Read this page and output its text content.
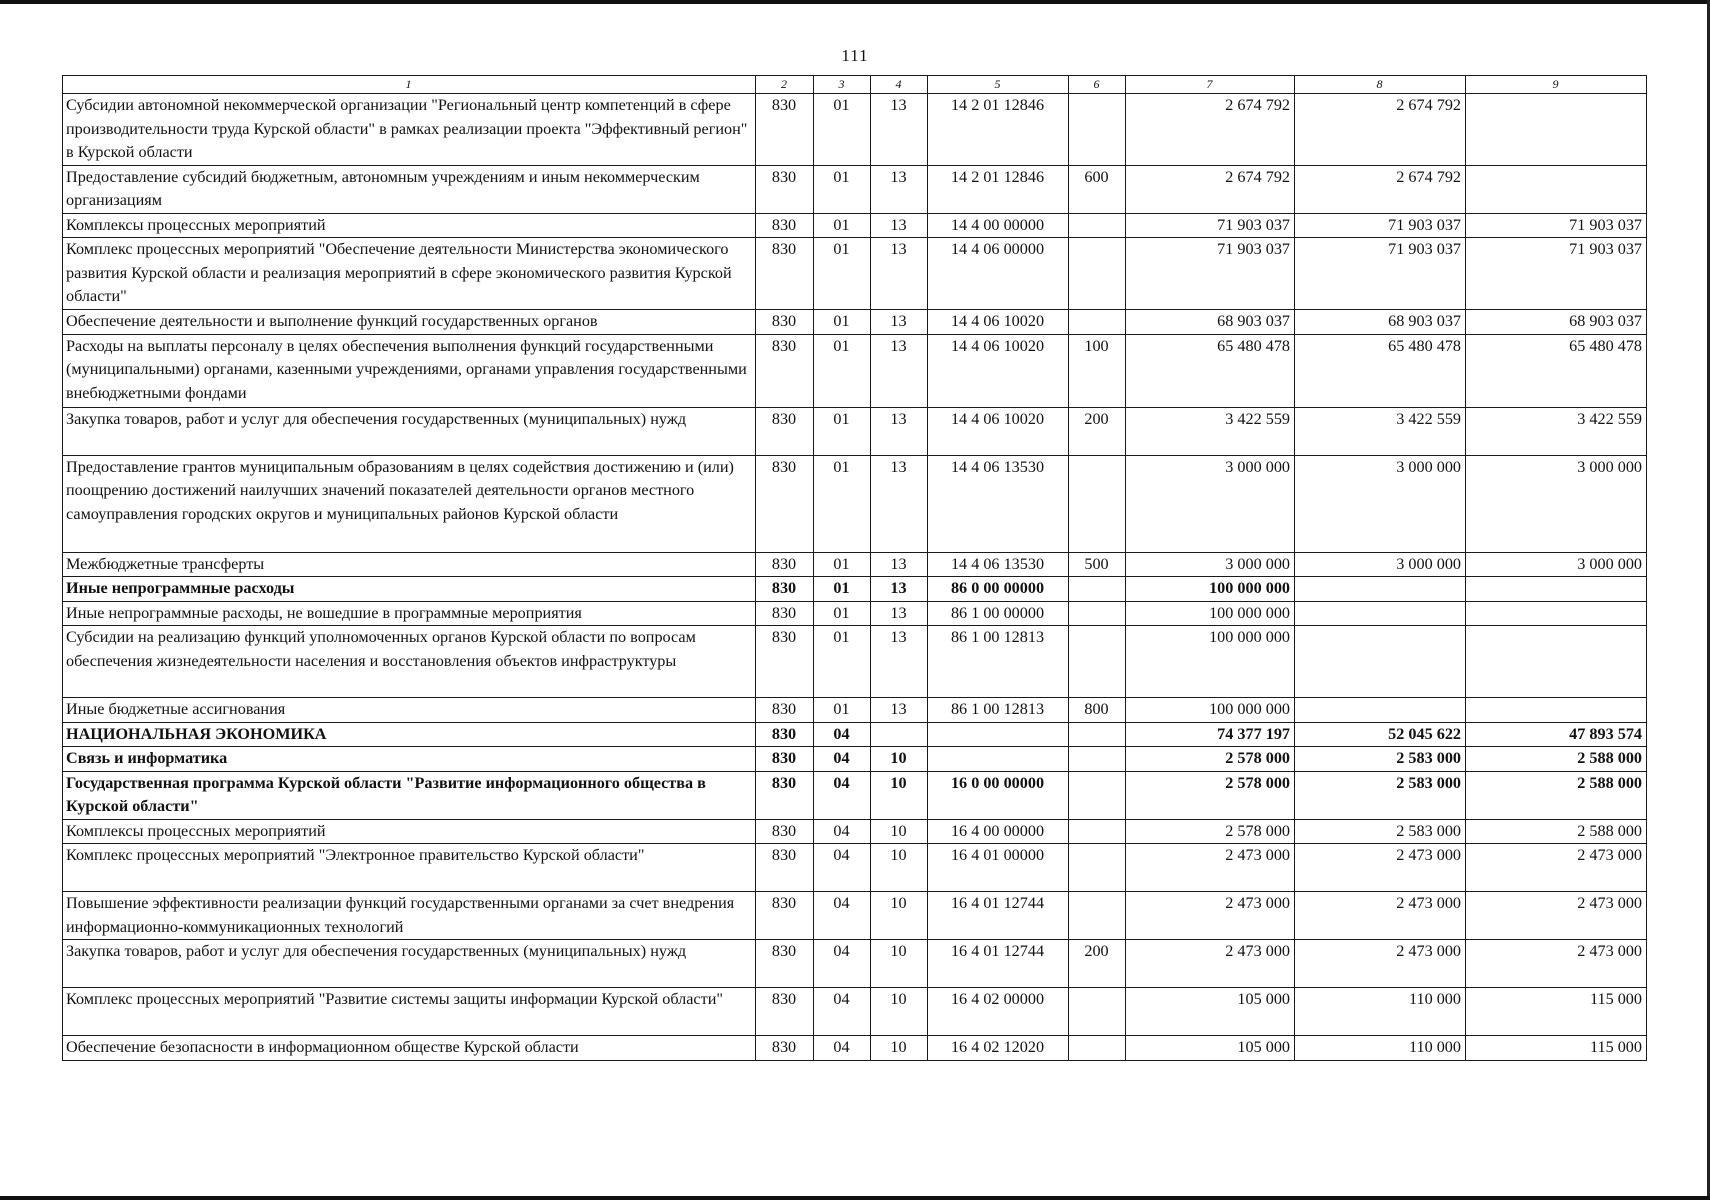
111
1	2	3	4	5	6	7	8	9
Субсидии автономной некоммерческой организации "Региональный центр компетенций в сфере производительности труда Курской области" в рамках реализации проекта "Эффективный регион" в Курской области	830	01	13	14 2 01 12846		2 674 792	2 674 792	
Предоставление субсидий бюджетным, автономным учреждениям и иным некоммерческим организациям	830	01	13	14 2 01 12846	600	2 674 792	2 674 792	
Комплексы процессных мероприятий	830	01	13	14 4 00 00000		71 903 037	71 903 037	71 903 037
Комплекс процессных мероприятий "Обеспечение деятельности Министерства экономического развития Курской области и реализация мероприятий в сфере экономического развития Курской области"	830	01	13	14 4 06 00000		71 903 037	71 903 037	71 903 037
Обеспечение деятельности и выполнение функций государственных органов	830	01	13	14 4 06 10020		68 903 037	68 903 037	68 903 037
Расходы на выплаты персоналу в целях обеспечения выполнения функций государственными (муниципальными) органами, казенными учреждениями, органами управления государственными внебюджетными фондами	830	01	13	14 4 06 10020	100	65 480 478	65 480 478	65 480 478
Закупка товаров, работ и услуг для обеспечения государственных (муниципальных) нужд	830	01	13	14 4 06 10020	200	3 422 559	3 422 559	3 422 559
Предоставление грантов муниципальным образованиям в целях содействия достижению и (или) поощрению достижений наилучших значений показателей деятельности органов местного самоуправления городских округов и муниципальных районов Курской области	830	01	13	14 4 06 13530		3 000 000	3 000 000	3 000 000
Межбюджетные трансферты	830	01	13	14 4 06 13530	500	3 000 000	3 000 000	3 000 000
Иные непрограммные расходы	830	01	13	86 0 00 00000		100 000 000		
Иные непрограммные расходы, не вошедшие в программные мероприятия	830	01	13	86 1 00 00000		100 000 000		
Субсидии на реализацию функций уполномоченных органов Курской области по вопросам обеспечения жизнедеятельности населения и восстановления объектов инфраструктуры	830	01	13	86 1 00 12813		100 000 000		
Иные бюджетные ассигнования	830	01	13	86 1 00 12813	800	100 000 000		
НАЦИОНАЛЬНАЯ ЭКОНОМИКА	830	04				74 377 197	52 045 622	47 893 574
Связь и информатика	830	04	10			2 578 000	2 583 000	2 588 000
Государственная программа Курской области "Развитие информационного общества в Курской области"	830	04	10	16 0 00 00000		2 578 000	2 583 000	2 588 000
Комплексы процессных мероприятий	830	04	10	16 4 00 00000		2 578 000	2 583 000	2 588 000
Комплекс процессных мероприятий "Электронное правительство Курской области"	830	04	10	16 4 01 00000		2 473 000	2 473 000	2 473 000
Повышение эффективности реализации функций государственными органами за счет внедрения информационно-коммуникационных технологий	830	04	10	16 4 01 12744		2 473 000	2 473 000	2 473 000
Закупка товаров, работ и услуг для обеспечения государственных (муниципальных) нужд	830	04	10	16 4 01 12744	200	2 473 000	2 473 000	2 473 000
Комплекс процессных мероприятий "Развитие системы защиты информации Курской области"	830	04	10	16 4 02 00000		105 000	110 000	115 000
Обеспечение безопасности в информационном обществе Курской области	830	04	10	16 4 02 12020		105 000	110 000	115 000
